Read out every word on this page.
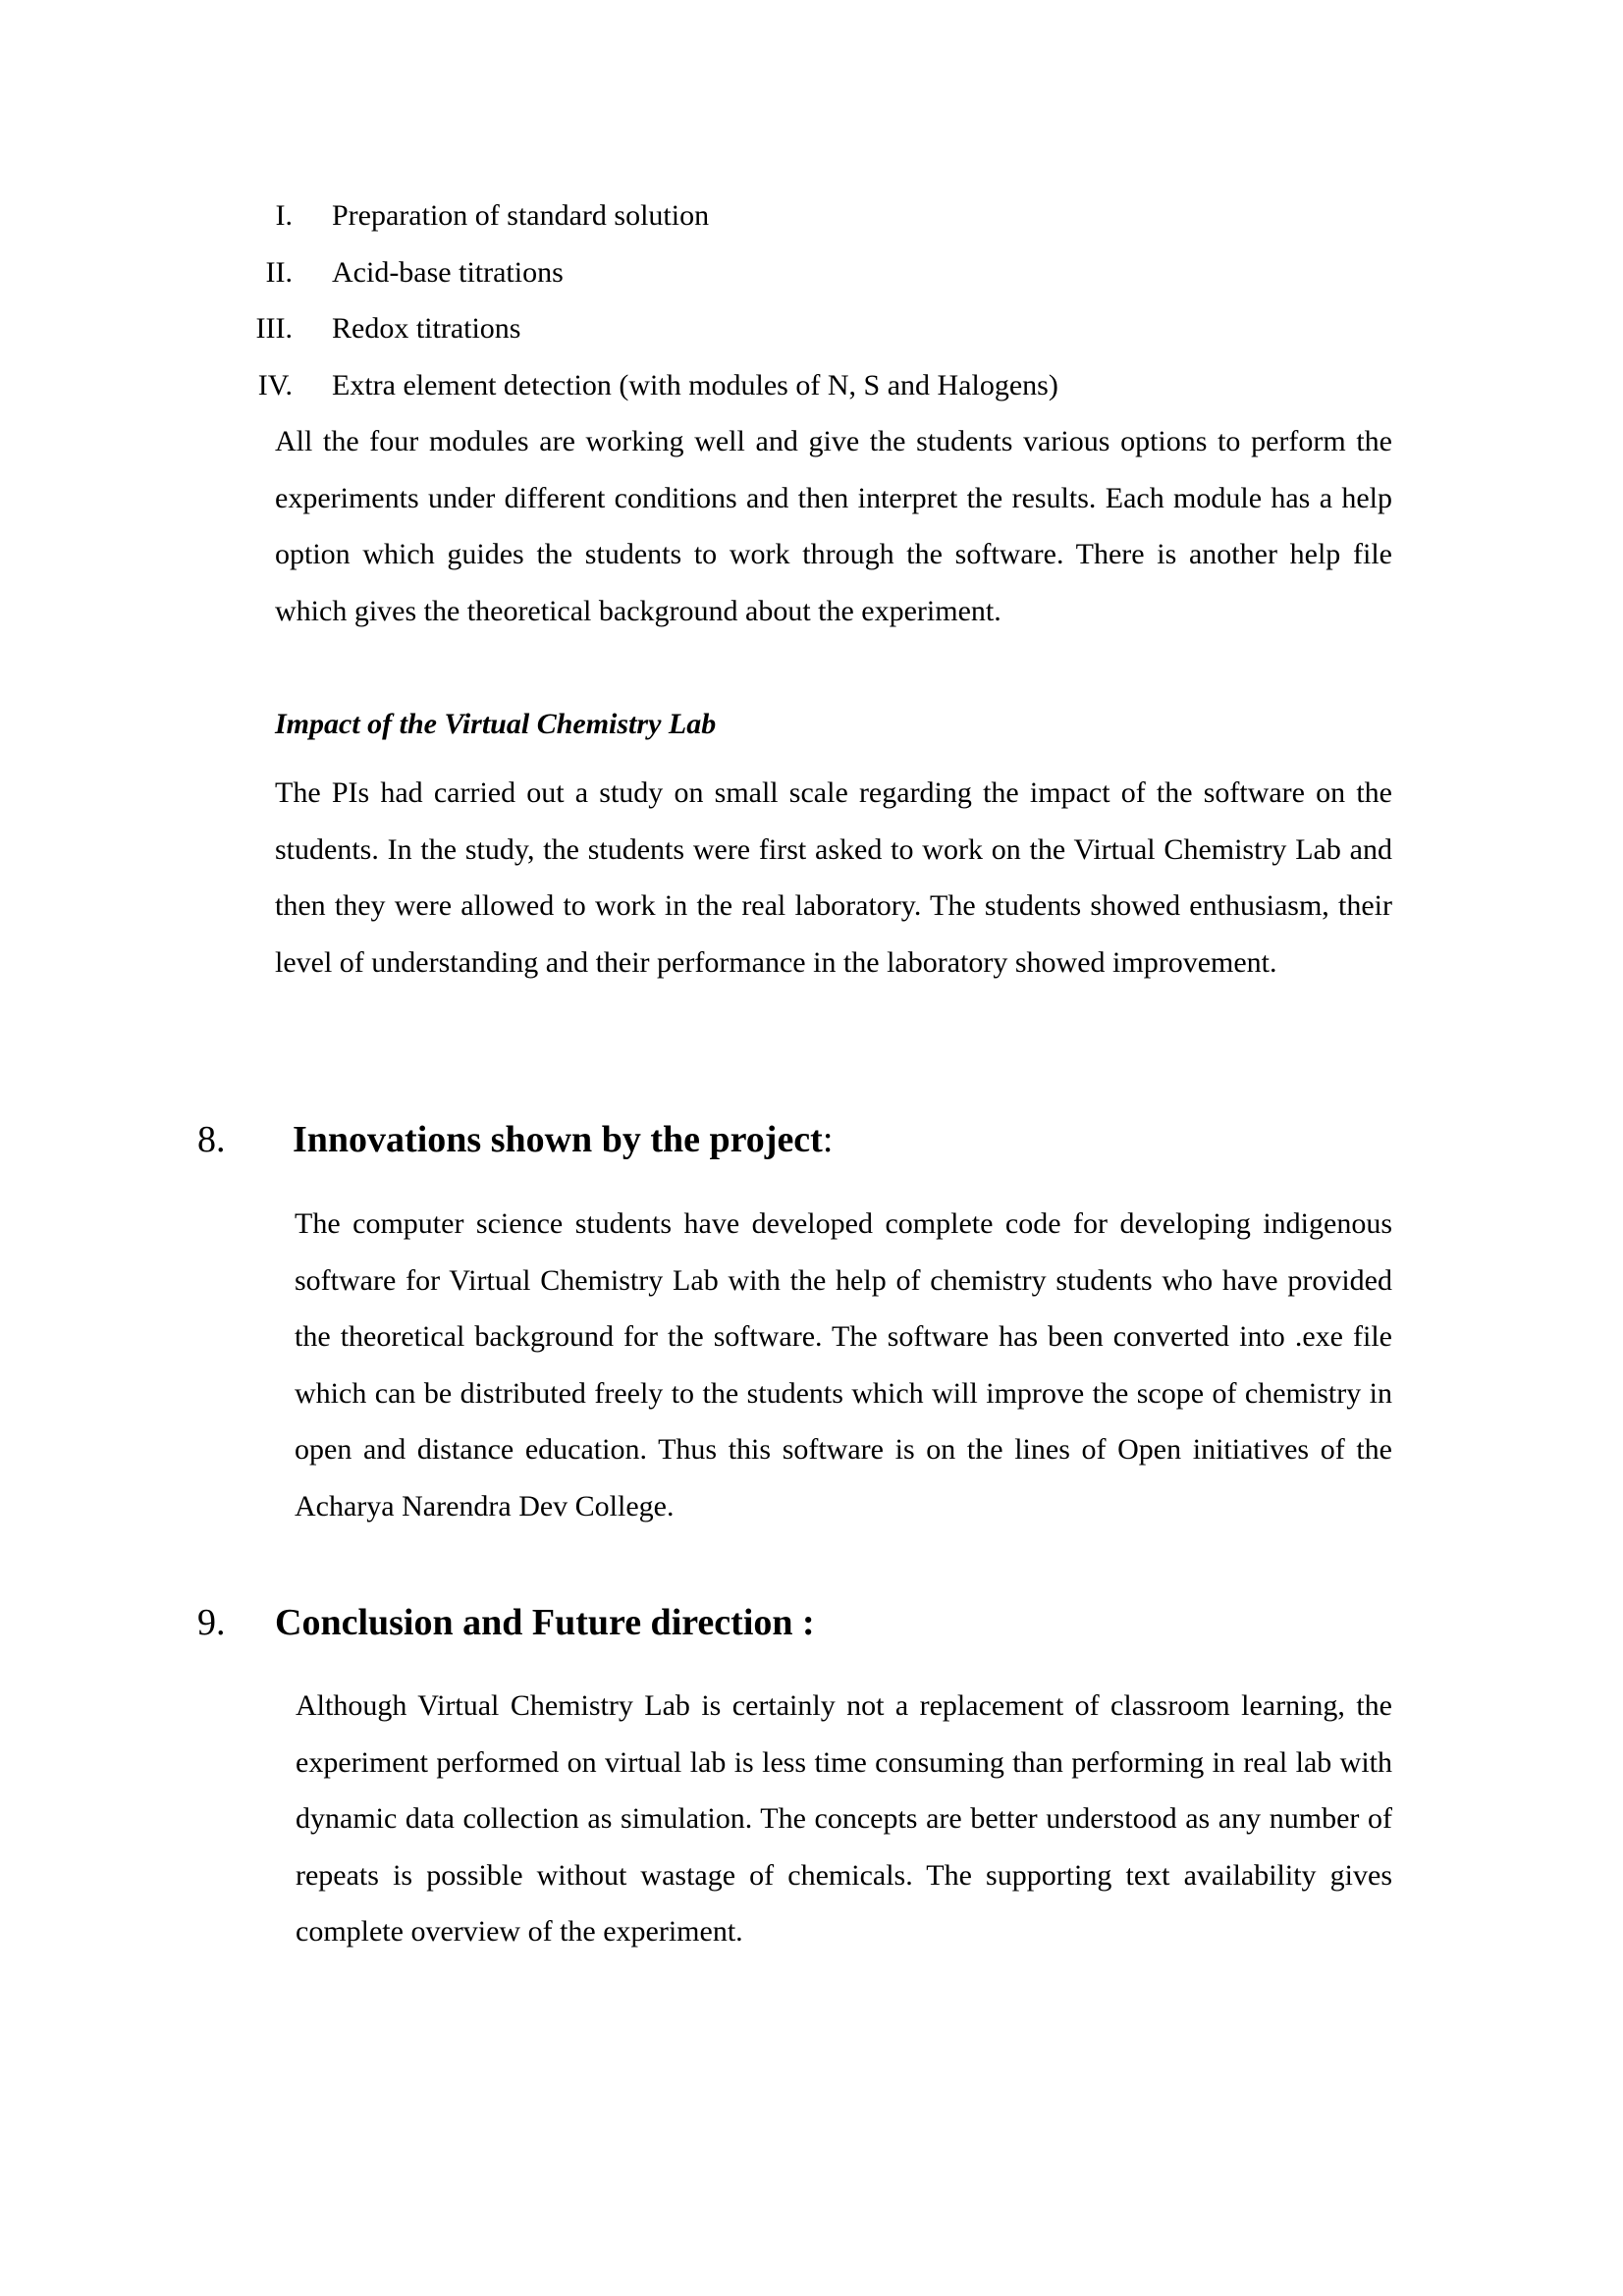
I. Preparation of standard solution
II. Acid-base titrations
III. Redox titrations
IV. Extra element detection (with modules of N, S and Halogens)

All the four modules are working well and give the students various options to perform the experiments under different conditions and then interpret the results. Each module has a help option which guides the students to work through the software. There is another help file which gives the theoretical background about the experiment.

Impact of the Virtual Chemistry Lab

The PIs had carried out a study on small scale regarding the impact of the software on the students. In the study, the students were first asked to work on the Virtual Chemistry Lab and then they were allowed to work in the real laboratory. The students showed enthusiasm, their level of understanding and their performance in the laboratory showed improvement.

8. Innovations shown by the project:

The computer science students have developed complete code for developing indigenous software for Virtual Chemistry Lab with the help of chemistry students who have provided the theoretical background for the software. The software has been converted into .exe file which can be distributed freely to the students which will improve the scope of chemistry in open and distance education. Thus this software is on the lines of Open initiatives of the Acharya Narendra Dev College.

9. Conclusion and Future direction :

Although Virtual Chemistry Lab is certainly not a replacement of classroom learning, the experiment performed on virtual lab is less time consuming than performing in real lab with dynamic data collection as simulation. The concepts are better understood as any number of repeats is possible without wastage of chemicals. The supporting text availability gives complete overview of the experiment.
